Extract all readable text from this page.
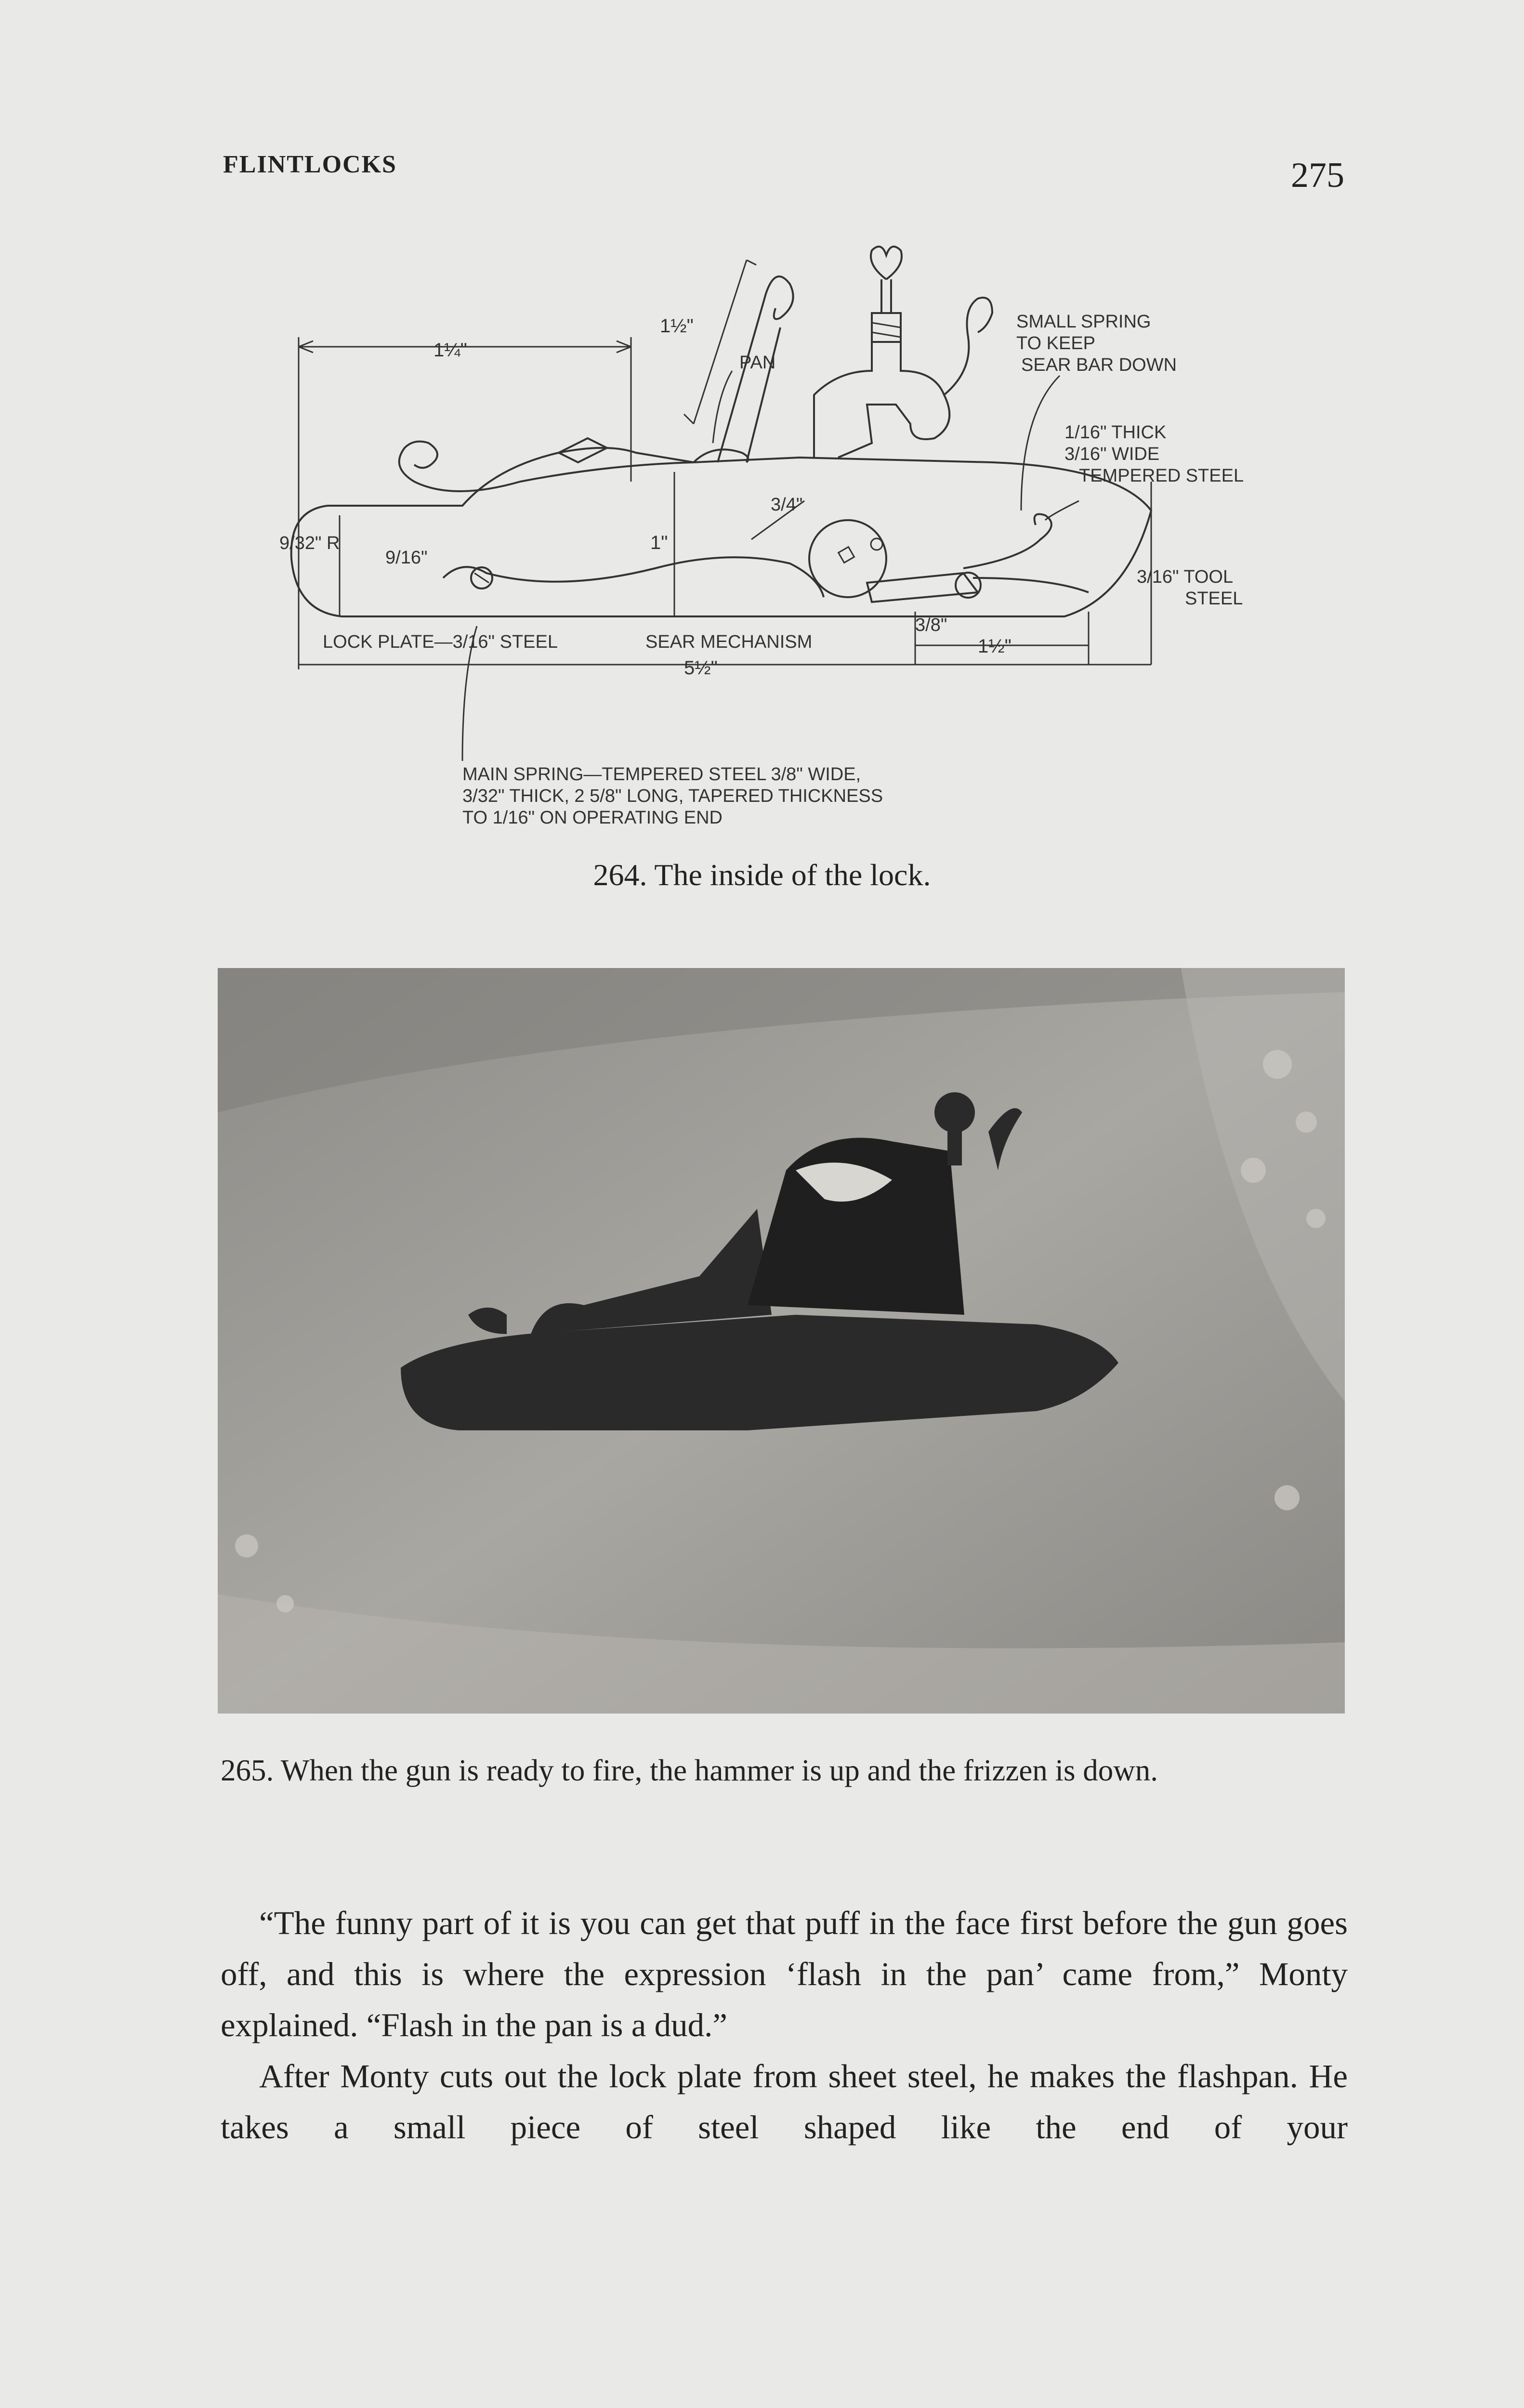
FLINTLOCKS	275
1¼"
1½"
PAN
SMALL SPRING
TO KEEP
SEAR BAR DOWN
1/16" THICK
3/16" WIDE
TEMPERED STEEL
9/32" R
9/16"
1"
3/4"
3/16" TOOL
STEEL
LOCK PLATE—3/16" STEEL	SEAR MECHANISM
3/8"
1½"
5½"
MAIN SPRING—TEMPERED STEEL 3/8" WIDE,
3/32" THICK, 2 5/8" LONG, TAPERED THICKNESS
TO 1/16" ON OPERATING END
264. The inside of the lock.
265. When the gun is ready to fire, the hammer is up and the frizzen is down.

“The funny part of it is you can get that puff in the face first before the gun goes off, and this is where the expression ‘flash in the pan’ came from,” Monty explained. “Flash in the pan is a dud.”

After Monty cuts out the lock plate from sheet steel, he makes the flashpan. He takes a small piece of steel shaped like the end of your
